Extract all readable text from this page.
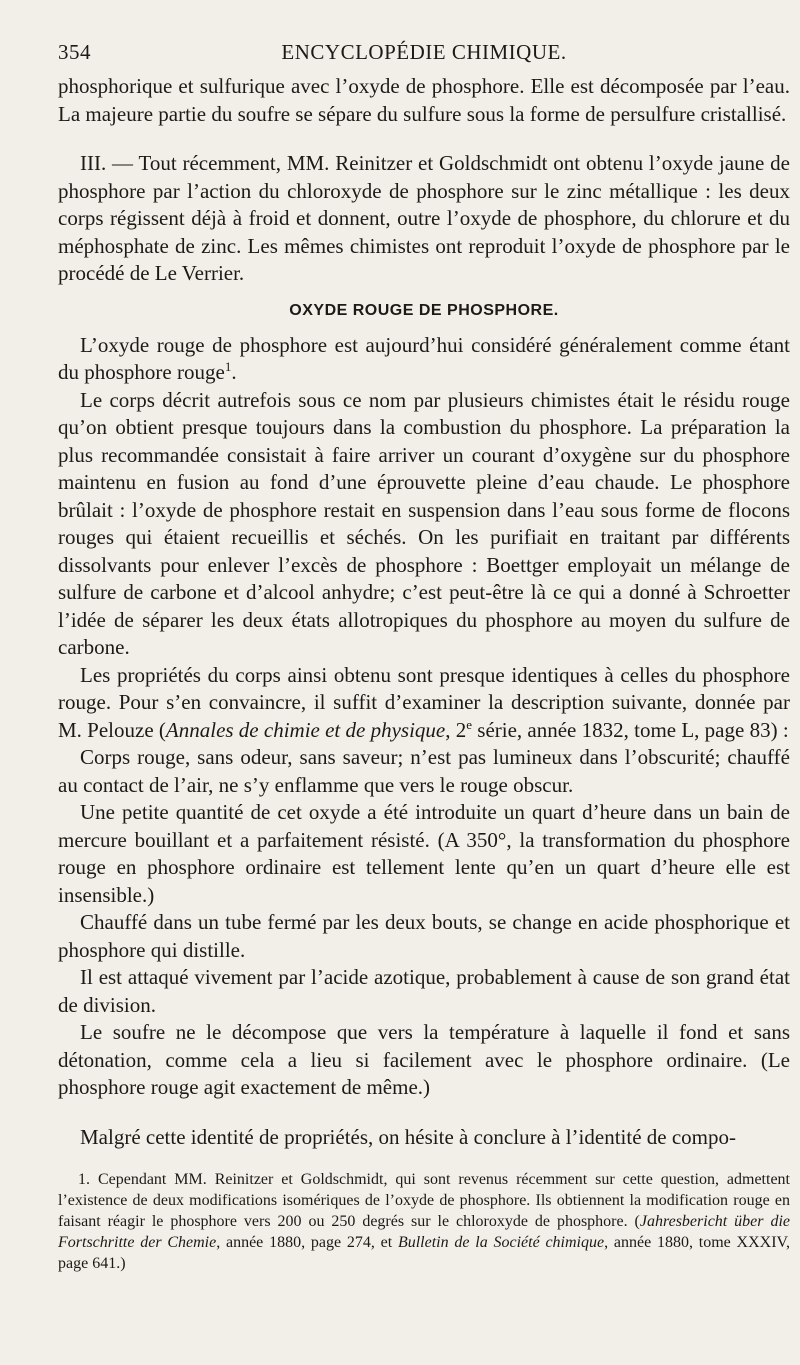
354	ENCYCLOPÉDIE CHIMIQUE.

phosphorique et sulfurique avec l’oxyde de phosphore. Elle est décomposée par l’eau. La majeure partie du soufre se sépare du sulfure sous la forme de persulfure cristallisé.

III. — Tout récemment, MM. Reinitzer et Goldschmidt ont obtenu l’oxyde jaune de phosphore par l’action du chloroxyde de phosphore sur le zinc métallique : les deux corps régissent déjà à froid et donnent, outre l’oxyde de phosphore, du chlorure et du méphosphate de zinc. Les mêmes chimistes ont reproduit l’oxyde de phosphore par le procédé de Le Verrier.

OXYDE ROUGE DE PHOSPHORE.

L’oxyde rouge de phosphore est aujourd’hui considéré généralement comme étant du phosphore rouge$^1$.

Le corps décrit autrefois sous ce nom par plusieurs chimistes était le résidu rouge qu’on obtient presque toujours dans la combustion du phosphore. La préparation la plus recommandée consistait à faire arriver un courant d’oxygène sur du phosphore maintenu en fusion au fond d’une éprouvette pleine d’eau chaude. Le phosphore brûlait : l’oxyde de phosphore restait en suspension dans l’eau sous forme de flocons rouges qui étaient recueillis et séchés. On les purifiait en traitant par différents dissolvants pour enlever l’excès de phosphore : Boettger employait un mélange de sulfure de carbone et d’alcool anhydre; c’est peut-être là ce qui a donné à Schroetter l’idée de séparer les deux états allotropiques du phosphore au moyen du sulfure de carbone.

Les propriétés du corps ainsi obtenu sont presque identiques à celles du phosphore rouge. Pour s’en convaincre, il suffit d’examiner la description suivante, donnée par M. Pelouze (Annales de chimie et de physique, 2e série, année 1832, tome L, page 83) :

Corps rouge, sans odeur, sans saveur; n’est pas lumineux dans l’obscurité; chauffé au contact de l’air, ne s’y enflamme que vers le rouge obscur.

Une petite quantité de cet oxyde a été introduite un quart d’heure dans un bain de mercure bouillant et a parfaitement résisté. (A 350°, la transformation du phosphore rouge en phosphore ordinaire est tellement lente qu’en un quart d’heure elle est insensible.)

Chauffé dans un tube fermé par les deux bouts, se change en acide phosphorique et phosphore qui distille.

Il est attaqué vivement par l’acide azotique, probablement à cause de son grand état de division.

Le soufre ne le décompose que vers la température à laquelle il fond et sans détonation, comme cela a lieu si facilement avec le phosphore ordinaire. (Le phosphore rouge agit exactement de même.)

Malgré cette identité de propriétés, on hésite à conclure à l’identité de compo-

1. Cependant MM. Reinitzer et Goldschmidt, qui sont revenus récemment sur cette question, admettent l’existence de deux modifications isomériques de l’oxyde de phosphore. Ils obtiennent la modification rouge en faisant réagir le phosphore vers 200 ou 250 degrés sur le chloroxyde de phosphore. (Jahresbericht über die Fortschritte der Chemie, année 1880, page 274, et Bulletin de la Société chimique, année 1880, tome XXXIV, page 641.)
